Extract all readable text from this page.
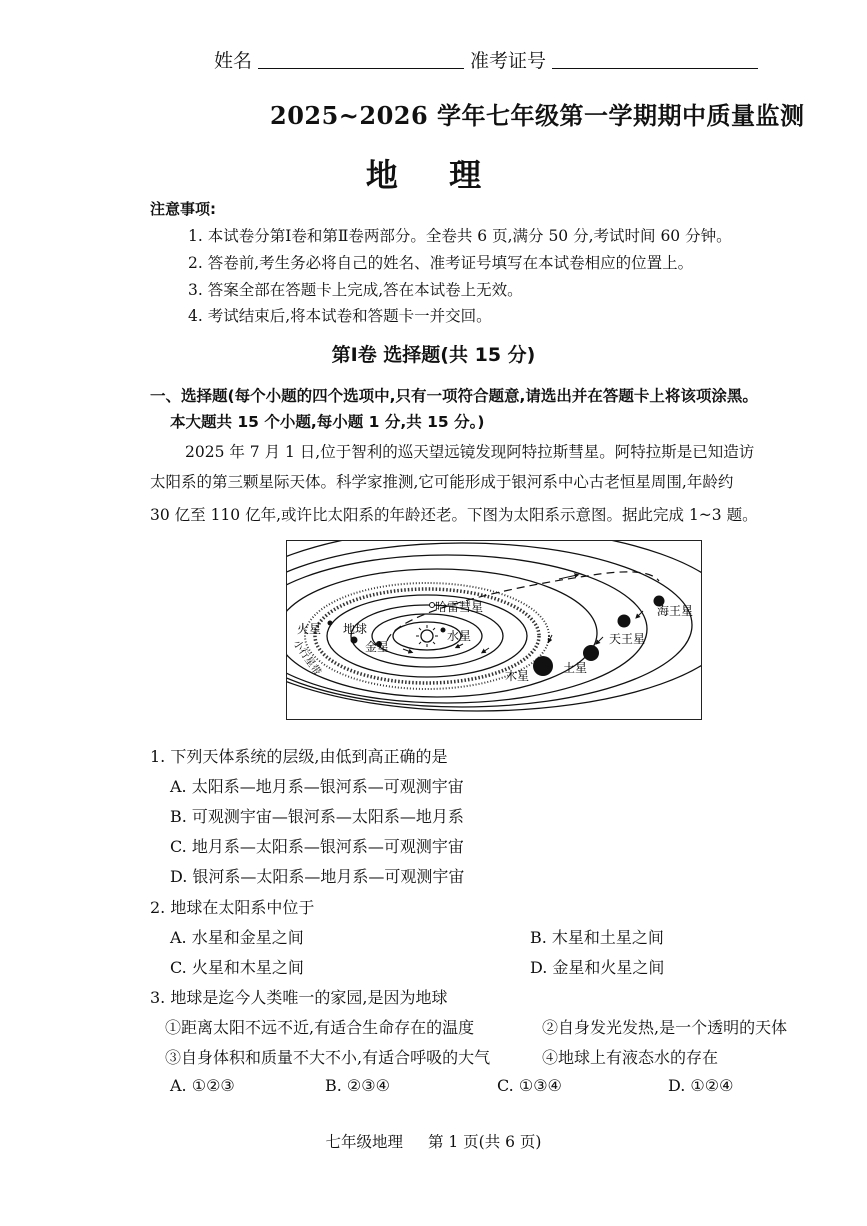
姓名	准考证号
2025~2026 学年七年级第一学期期中质量监测
地 理
注意事项:
1. 本试卷分第Ⅰ卷和第Ⅱ卷两部分。全卷共 6 页,满分 50 分,考试时间 60 分钟。
2. 答卷前,考生务必将自己的姓名、准考证号填写在本试卷相应的位置上。
3. 答案全部在答题卡上完成,答在本试卷上无效。
4. 考试结束后,将本试卷和答题卡一并交回。
第Ⅰ卷 选择题(共 15 分)
一、选择题(每个小题的四个选项中,只有一项符合题意,请选出并在答题卡上将该项涂黑。
本大题共 15 个小题,每小题 1 分,共 15 分。)
2025 年 7 月 1 日,位于智利的巡天望远镜发现阿特拉斯彗星。阿特拉斯是已知造访
太阳系的第三颗星际天体。科学家推测,它可能形成于银河系中心古老恒星周围,年龄约
30 亿至 110 亿年,或许比太阳系的年龄还老。下图为太阳系示意图。据此完成 1~3 题。
哈雷彗星
火星 地球
金星
水星
小行星带	木星
土星
天王星
海王星
1. 下列天体系统的层级,由低到高正确的是
A. 太阳系—地月系—银河系—可观测宇宙
B. 可观测宇宙—银河系—太阳系—地月系
C. 地月系—太阳系—银河系—可观测宇宙
D. 银河系—太阳系—地月系—可观测宇宙
2. 地球在太阳系中位于
A. 水星和金星之间	B. 木星和土星之间
C. 火星和木星之间	D. 金星和火星之间
3. 地球是迄今人类唯一的家园,是因为地球
①距离太阳不远不近,有适合生命存在的温度	②自身发光发热,是一个透明的天体
③自身体积和质量不大不小,有适合呼吸的大气	④地球上有液态水的存在
A. ①②③	B. ②③④	C. ①③④	D. ①②④
七年级地理 第 1 页(共 6 页)
